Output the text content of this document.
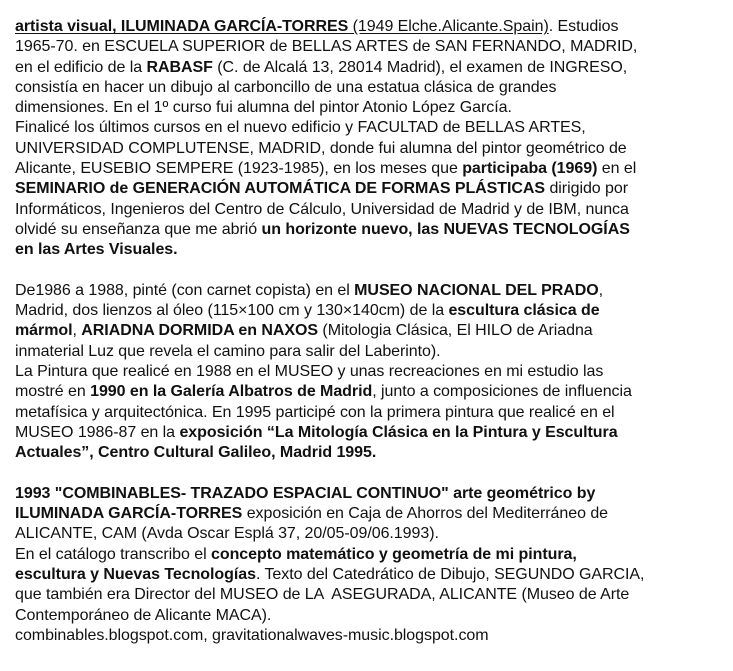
artista visual, ILUMINADA GARCÍA-TORRES (1949 Elche.Alicante.Spain). Estudios
1965-70. en ESCUELA SUPERIOR de BELLAS ARTES de SAN FERNANDO, MADRID,
en el edificio de la RABASF (C. de Alcalá 13, 28014 Madrid), el examen de INGRESO,
consistía en hacer un dibujo al carboncillo de una estatua clásica de grandes
dimensiones. En el 1º curso fui alumna del pintor Atonio López García.
Finalicé los últimos cursos en el nuevo edificio y FACULTAD de BELLAS ARTES,
UNIVERSIDAD COMPLUTENSE, MADRID, donde fui alumna del pintor geométrico de
Alicante, EUSEBIO SEMPERE (1923-1985), en los meses que participaba (1969) en el
SEMINARIO de GENERACIÓN AUTOMÁTICA DE FORMAS PLÁSTICAS dirigido por
Informáticos, Ingenieros del Centro de Cálculo, Universidad de Madrid y de IBM, nunca
olvidé su enseñanza que me abrió un horizonte nuevo, las NUEVAS TECNOLOGÍAS
en las Artes Visuales.
De1986 a 1988, pinté (con carnet copista) en el MUSEO NACIONAL DEL PRADO,
Madrid, dos lienzos al óleo (115×100 cm y 130×140cm) de la escultura clásica de
mármol, ARIADNA DORMIDA en NAXOS (Mitologia Clásica, El HILO de Ariadna
inmaterial Luz que revela el camino para salir del Laberinto).
La Pintura que realicé en 1988 en el MUSEO y unas recreaciones en mi estudio las
mostré en 1990 en la Galería Albatros de Madrid, junto a composiciones de influencia
metafísica y arquitectónica. En 1995 participé con la primera pintura que realicé en el
MUSEO 1986-87 en la exposición “La Mitología Clásica en la Pintura y Escultura
Actuales”, Centro Cultural Galileo, Madrid 1995.
1993 "COMBINABLES- TRAZADO ESPACIAL CONTINUO" arte geométrico by
ILUMINADA GARCÍA-TORRES exposición en Caja de Ahorros del Mediterráneo de
ALICANTE, CAM (Avda Oscar Esplá 37, 20/05-09/06.1993).
En el catálogo transcribo el concepto matemático y geometría de mi pintura,
escultura y Nuevas Tecnologías. Texto del Catedrático de Dibujo, SEGUNDO GARCIA,
que también era Director del MUSEO de LA  ASEGURADA, ALICANTE (Museo de Arte
Contemporáneo de Alicante MACA).
combinables.blogspot.com, gravitationalwaves-music.blogspot.com
